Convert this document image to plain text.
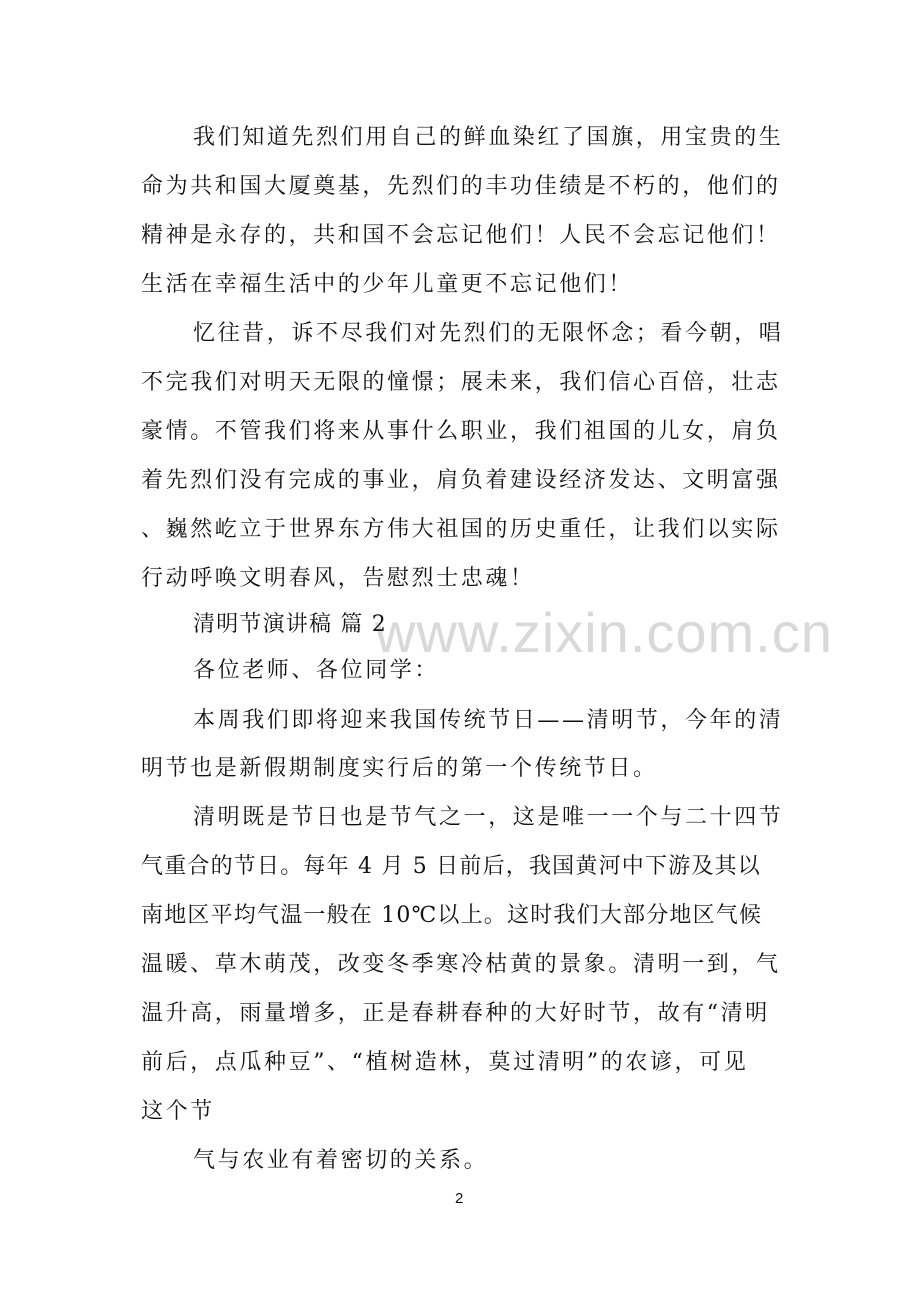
www.zixin.com.cn
我们知道先烈们用自己的鲜血染红了国旗，用宝贵的生
命为共和国大厦奠基，先烈们的丰功佳绩是不朽的，他们的
精神是永存的，共和国不会忘记他们！人民不会忘记他们！
生活在幸福生活中的少年儿童更不忘记他们！
忆往昔，诉不尽我们对先烈们的无限怀念；看今朝，唱
不完我们对明天无限的憧憬；展未来，我们信心百倍，壮志
豪情。不管我们将来从事什么职业，我们祖国的儿女，肩负
着先烈们没有完成的事业，肩负着建设经济发达、文明富强
、巍然屹立于世界东方伟大祖国的历史重任，让我们以实际
行动呼唤文明春风，告慰烈士忠魂！
清明节演讲稿 篇 2
各位老师、各位同学：
本周我们即将迎来我国传统节日——清明节，今年的清
明节也是新假期制度实行后的第一个传统节日。
清明既是节日也是节气之一，这是唯一一个与二十四节
气重合的节日。每年 4 月 5 日前后，我国黄河中下游及其以
南地区平均气温一般在 10℃以上。这时我们大部分地区气候
温暖、草木萌茂，改变冬季寒冷枯黄的景象。清明一到，气
温升高，雨量增多，正是春耕春种的大好时节，故有“清明
前后，点瓜种豆”、“植树造林，莫过清明”的农谚，可见
这个节
气与农业有着密切的关系。
2
